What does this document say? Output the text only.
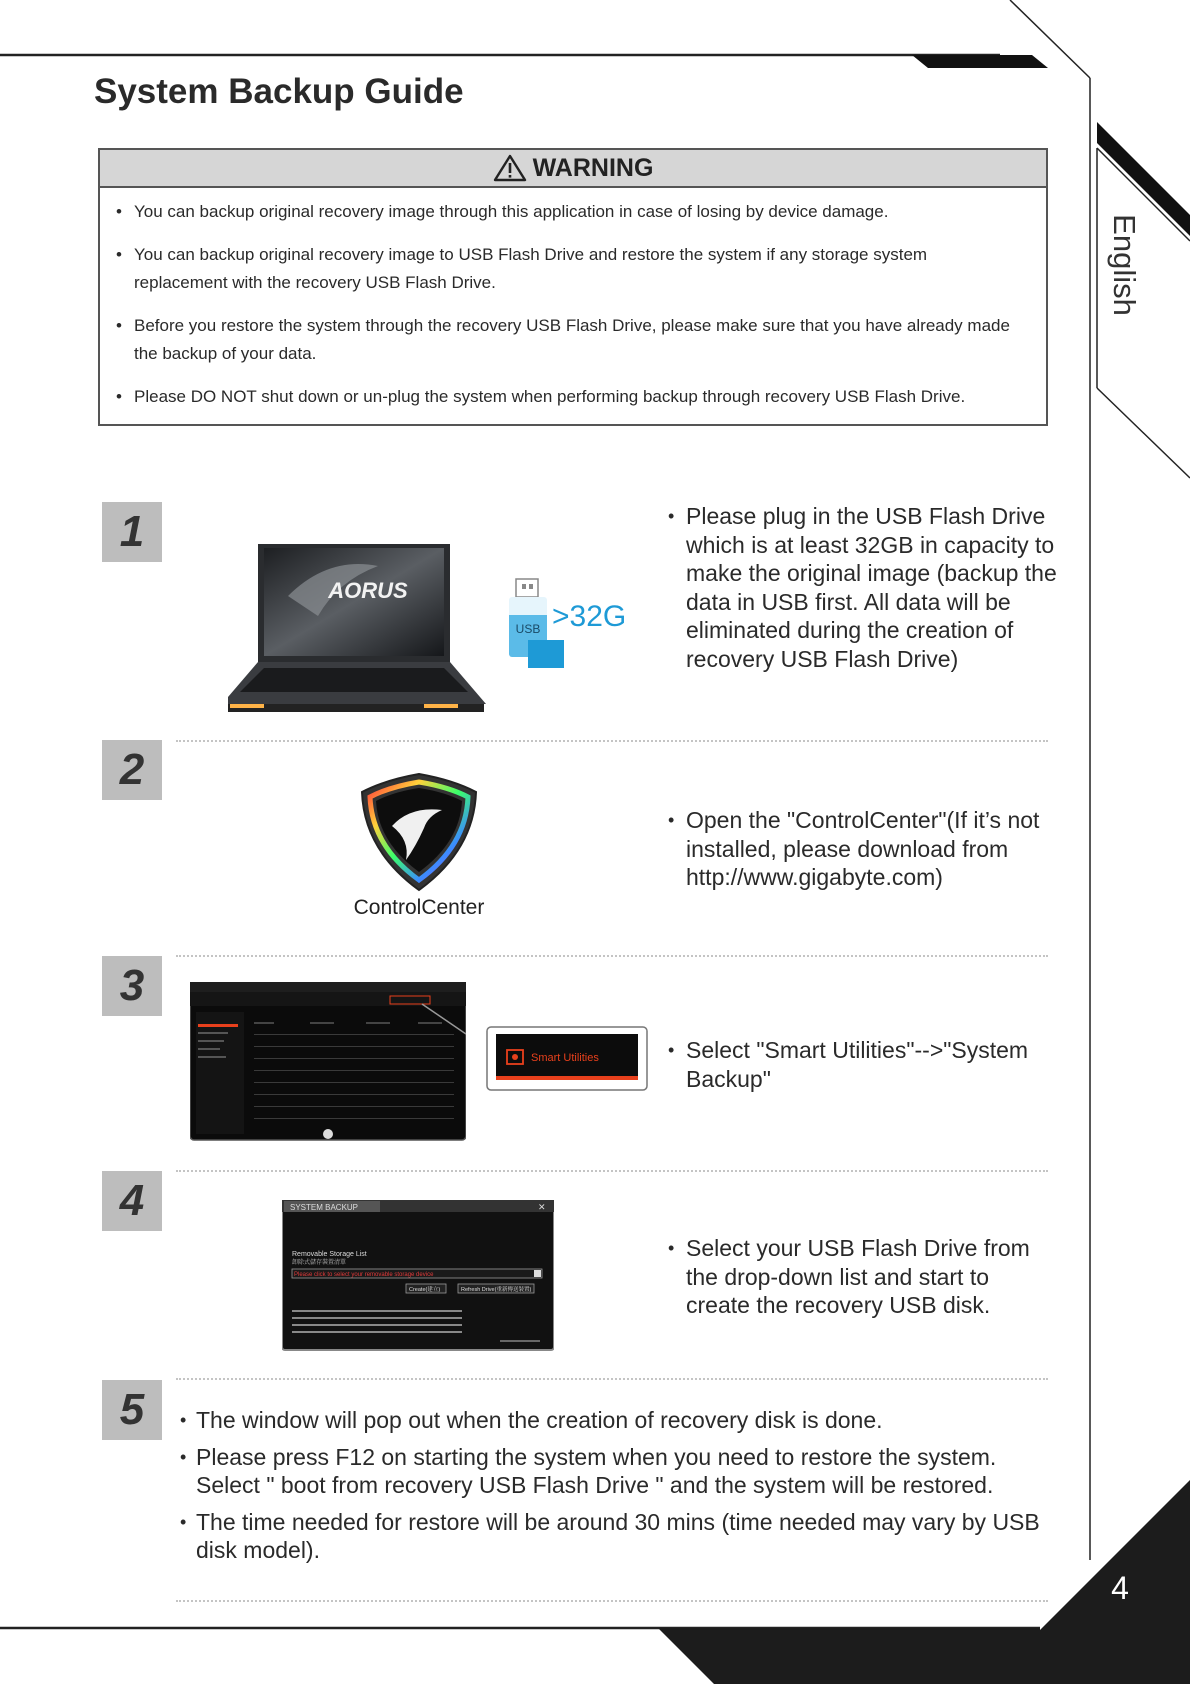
English
4
System Backup Guide
WARNING
• You can backup original recovery image through this application in case of losing by device damage.
• You can backup original recovery image to USB Flash Drive and restore the system if any storage system replacement with the recovery USB Flash Drive.
• Before you restore the system through the recovery USB Flash Drive, please make sure that you have already made the backup of your data.
• Please DO NOT shut down or un-plug the system when performing backup through recovery USB Flash Drive.
1
AORUS
USB >32G
• Please plug in the USB Flash Drive which is at least 32GB in capacity to make the original image (backup the data in USB first. All data will be eliminated during the creation of recovery USB Flash Drive)
2
ControlCenter
• Open the "ControlCenter"(If it’s not installed, please download from http://www.gigabyte.com)
3
Smart Utilities	• Select "Smart Utilities"-->"System Backup"
4	SYSTEM BACKUP	✕
Removable Storage List
卸除式儲存裝置清單
Please click to select your removable storage device
Create(建立)	Refresh Drive(重新傳送裝置)
• Select your USB Flash Drive from the drop-down list and start to create the recovery USB disk.
5	• The window will pop out when the creation of recovery disk is done.
• Please press F12 on starting the system when you need to restore the system. Select " boot from recovery USB Flash Drive " and the system will be restored.
• The time needed for restore will be around 30 mins (time needed may vary by USB disk model).
